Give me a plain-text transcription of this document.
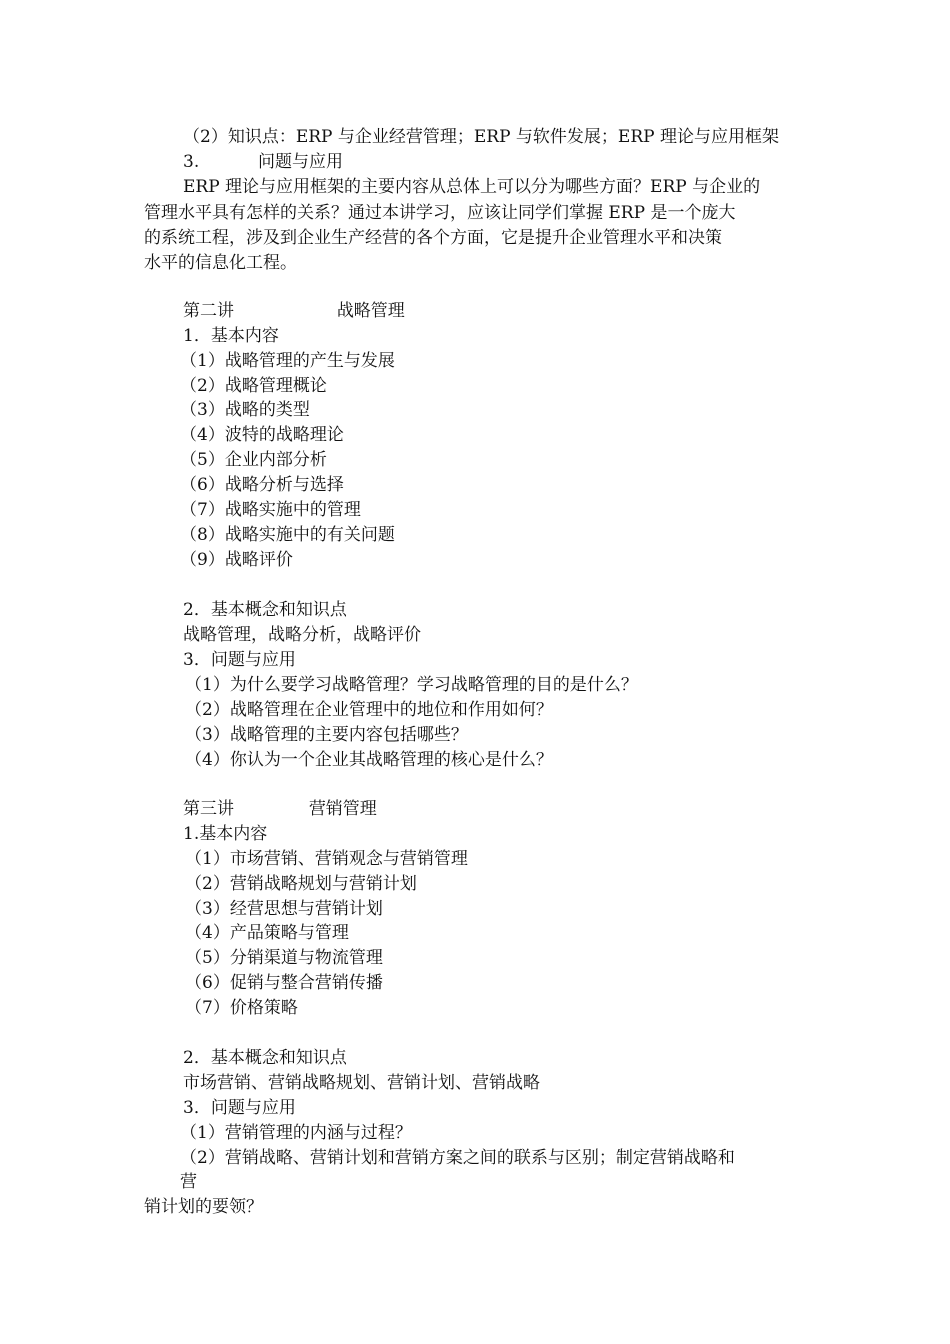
（2）知识点：ERP 与企业经营管理；ERP 与软件发展；ERP 理论与应用框架
3.	问题与应用
ERP 理论与应用框架的主要内容从总体上可以分为哪些方面？ERP 与企业的
管理水平具有怎样的关系？通过本讲学习，应该让同学们掌握 ERP 是一个庞大
的系统工程，涉及到企业生产经营的各个方面，它是提升企业管理水平和决策
水平的信息化工程。
第二讲	战略管理
1．基本内容
（1）战略管理的产生与发展
（2）战略管理概论
（3）战略的类型
（4）波特的战略理论
（5）企业内部分析
（6）战略分析与选择
（7）战略实施中的管理
（8）战略实施中的有关问题
（9）战略评价
2．基本概念和知识点
战略管理，战略分析，战略评价
3．问题与应用
（1）为什么要学习战略管理？学习战略管理的目的是什么？
（2）战略管理在企业管理中的地位和作用如何？
（3）战略管理的主要内容包括哪些？
（4）你认为一个企业其战略管理的核心是什么？
第三讲	营销管理
1.基本内容
（1）市场营销、营销观念与营销管理
（2）营销战略规划与营销计划
（3）经营思想与营销计划
（4）产品策略与管理
（5）分销渠道与物流管理
（6）促销与整合营销传播
（7）价格策略
2．基本概念和知识点
市场营销、营销战略规划、营销计划、营销战略
3．问题与应用
（1）营销管理的内涵与过程？
（2）营销战略、营销计划和营销方案之间的联系与区别；制定营销战略和
营
销计划的要领？
